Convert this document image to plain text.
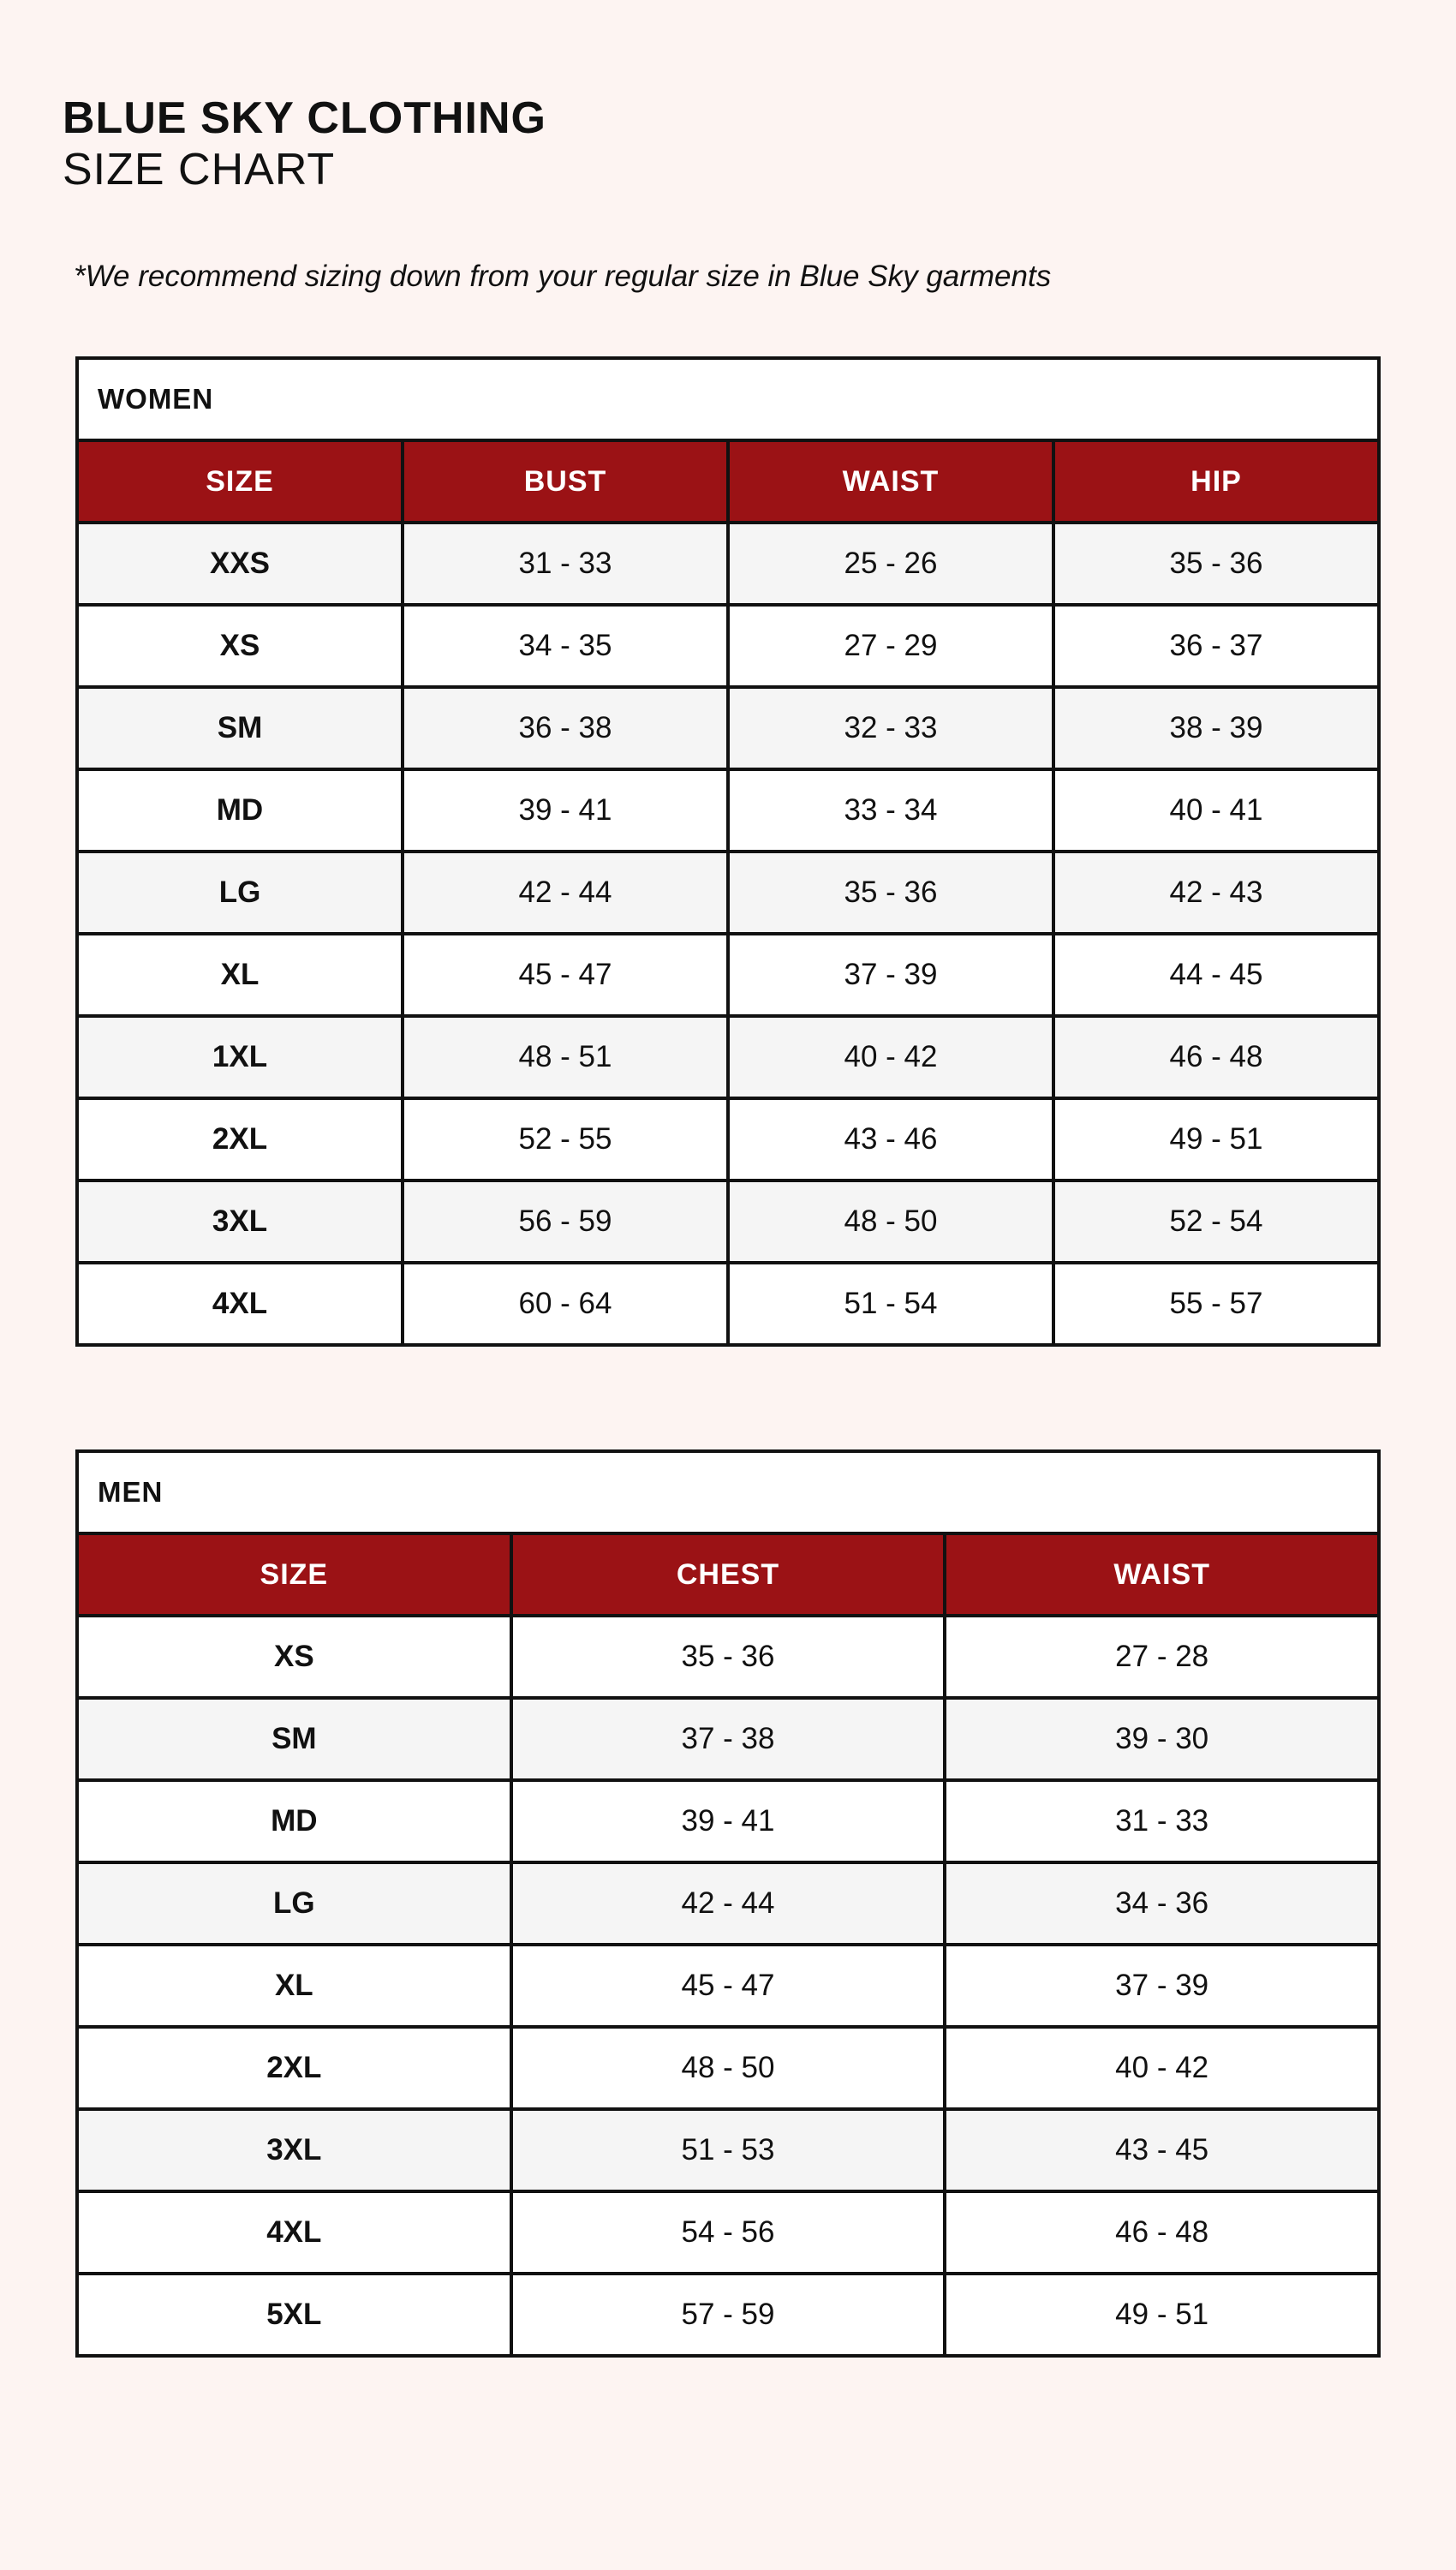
BLUE SKY CLOTHING
SIZE CHART

*We recommend sizing down from your regular size in Blue Sky garments

WOMEN			
SIZE	BUST	WAIST	HIP
XXS	31 - 33	25 - 26	35 - 36
XS	34 - 35	27 - 29	36 - 37
SM	36 - 38	32 - 33	38 - 39
MD	39 - 41	33 - 34	40 - 41
LG	42 - 44	35 - 36	42 - 43
XL	45 - 47	37 - 39	44 - 45
1XL	48 - 51	40 - 42	46 - 48
2XL	52 - 55	43 - 46	49 - 51
3XL	56 - 59	48 - 50	52 - 54
4XL	60 - 64	51 - 54	55 - 57
MEN		
SIZE	CHEST	WAIST
XS	35 - 36	27 - 28
SM	37 - 38	39 - 30
MD	39 - 41	31 - 33
LG	42 - 44	34 - 36
XL	45 - 47	37 - 39
2XL	48 - 50	40 - 42
3XL	51 - 53	43 - 45
4XL	54 - 56	46 - 48
5XL	57 - 59	49 - 51
